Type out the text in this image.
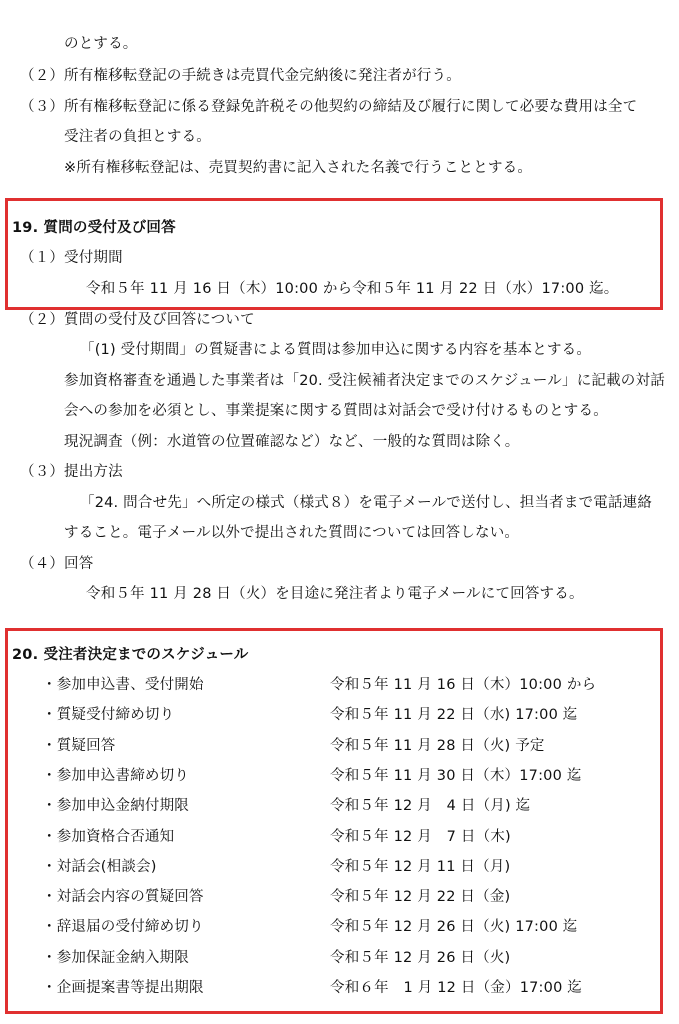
のとする。
（２）所有権移転登記の手続きは売買代金完納後に発注者が行う。
（３）所有権移転登記に係る登録免許税その他契約の締結及び履行に関して必要な費用は全て
受注者の負担とする。
※所有権移転登記は、売買契約書に記入された名義で行うこととする。
19. 質問の受付及び回答
（１）受付期間
令和５年 11 月 16 日（木）10:00 から令和５年 11 月 22 日（水）17:00 迄。
（２）質問の受付及び回答について
「(1) 受付期間」の質疑書による質問は参加申込に関する内容を基本とする。
参加資格審査を通過した事業者は「20. 受注候補者決定までのスケジュール」に記載の対話
会への参加を必須とし、事業提案に関する質問は対話会で受け付けるものとする。
現況調査（例：水道管の位置確認など）など、一般的な質問は除く。
（３）提出方法
「24. 問合せ先」へ所定の様式（様式８）を電子メールで送付し、担当者まで電話連絡
すること。電子メール以外で提出された質問については回答しない。
（４）回答
令和５年 11 月 28 日（火）を目途に発注者より電子メールにて回答する。
20. 受注者決定までのスケジュール
・参加申込書、受付開始	令和５年 11 月 16 日（木）10:00 から
・質疑受付締め切り	令和５年 11 月 22 日（水) 17:00 迄
・質疑回答	令和５年 11 月 28 日（火) 予定
・参加申込書締め切り	令和５年 11 月 30 日（木）17:00 迄
・参加申込金納付期限	令和５年 12 月　4 日（月) 迄
・参加資格合否通知	令和５年 12 月　7 日（木)
・対話会(相談会)	令和５年 12 月 11 日（月)
・対話会内容の質疑回答	令和５年 12 月 22 日（金)
・辞退届の受付締め切り	令和５年 12 月 26 日（火) 17:00 迄
・参加保証金納入期限	令和５年 12 月 26 日（火)
・企画提案書等提出期限	令和６年　1 月 12 日（金）17:00 迄
